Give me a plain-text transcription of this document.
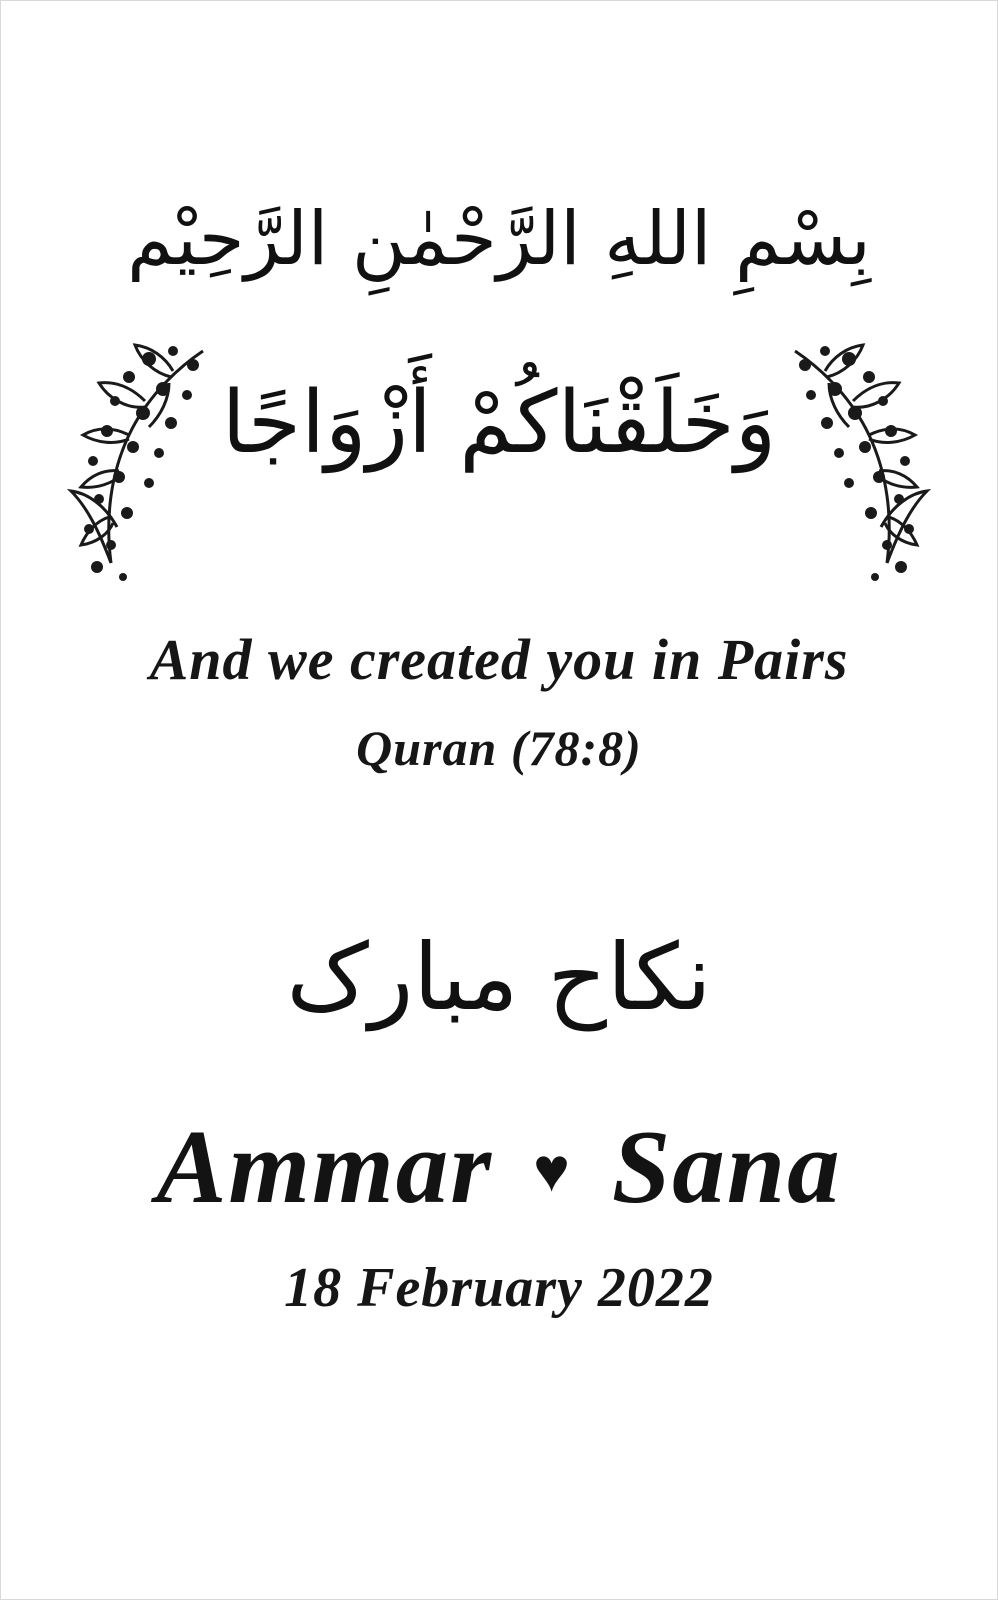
بِسْمِ اللهِ الرَّحْمٰنِ الرَّحِيْم
وَخَلَقْنَاكُمْ أَزْوَاجًا
And we created you in Pairs
Quran (78:8)
نکاح مبارک
Ammar ♥ Sana
18 February 2022
